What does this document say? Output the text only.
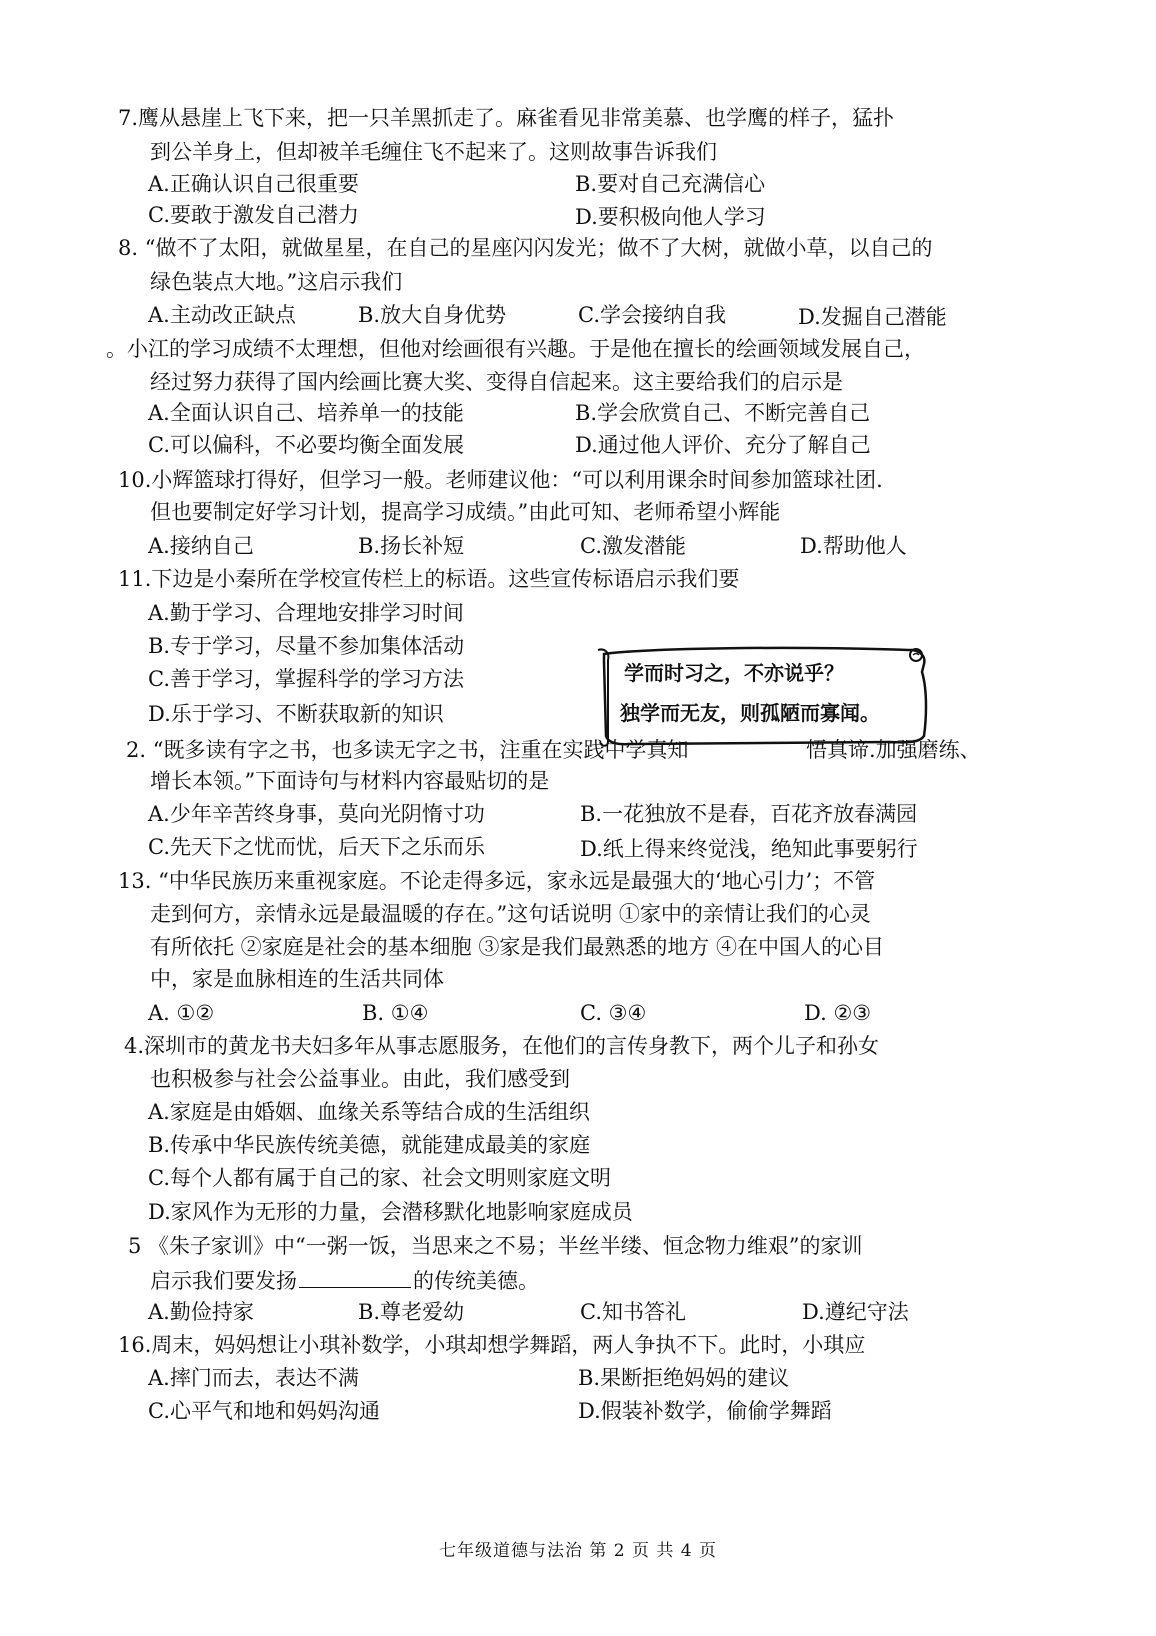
7.鹰从悬崖上飞下来，把一只羊黑抓走了。麻雀看见非常美慕、也学鹰的样子，猛扑
到公羊身上，但却被羊毛缠住飞不起来了。这则故事告诉我们
A.正确认识自己很重要	B.要对自己充满信心
C.要敢于激发自己潜力	D.要积极向他人学习
8. “做不了太阳，就做星星，在自己的星座闪闪发光；做不了大树，就做小草，以自己的
绿色装点大地。”这启示我们
A.主动改正缺点	B.放大自身优势	C.学会接纳自我	D.发掘自己潜能
。小江的学习成绩不太理想，但他对绘画很有兴趣。于是他在擅长的绘画领域发展自己，
经过努力获得了国内绘画比赛大奖、变得自信起来。这主要给我们的启示是
A.全面认识自己、培养单一的技能	B.学会欣赏自己、不断完善自己
C.可以偏科，不必要均衡全面发展	D.通过他人评价、充分了解自己
10.小辉篮球打得好，但学习一般。老师建议他：“可以利用课余时间参加篮球社团.
但也要制定好学习计划，提高学习成绩。”由此可知、老师希望小辉能
A.接纳自己	B.扬长补短	C.激发潜能	D.帮助他人
11.下边是小秦所在学校宣传栏上的标语。这些宣传标语启示我们要
A.勤于学习、合理地安排学习时间
B.专于学习，尽量不参加集体活动
C.善于学习，掌握科学的学习方法
D.乐于学习、不断获取新的知识
学而时习之，不亦说乎？
独学而无友，则孤陋而寡闻。
2. “既多读有字之书，也多读无字之书，注重在实践中学真知	悟真谛.加强磨练、
增长本领。”下面诗句与材料内容最贴切的是
A.少年辛苦终身事，莫向光阴惰寸功	B.一花独放不是春，百花齐放春满园
C.先天下之忧而忧，后天下之乐而乐	D.纸上得来终觉浅，绝知此事要躬行
13. “中华民族历来重视家庭。不论走得多远，家永远是最强大的‘地心引力’；不管
走到何方，亲情永远是最温暖的存在。”这句话说明 ①家中的亲情让我们的心灵
有所依托 ②家庭是社会的基本细胞 ③家是我们最熟悉的地方 ④在中国人的心目
中，家是血脉相连的生活共同体
A. ①②	B. ①④	C. ③④	D. ②③
4.深圳市的黄龙书夫妇多年从事志愿服务，在他们的言传身教下，两个儿子和孙女
也积极参与社会公益事业。由此，我们感受到
A.家庭是由婚姻、血缘关系等结合成的生活组织
B.传承中华民族传统美德，就能建成最美的家庭
C.每个人都有属于自己的家、社会文明则家庭文明
D.家风作为无形的力量，会潜移默化地影响家庭成员
5 《朱子家训》中“一粥一饭，当思来之不易；半丝半缕、恒念物力维艰”的家训
启示我们要发扬	的传统美德。
A.勤俭持家	B.尊老爱幼	C.知书答礼	D.遵纪守法
16.周末，妈妈想让小琪补数学，小琪却想学舞蹈，两人争执不下。此时，小琪应
A.摔门而去，表达不满	B.果断拒绝妈妈的建议
C.心平气和地和妈妈沟通	D.假装补数学，偷偷学舞蹈
七年级道德与法治 第 2 页 共 4 页
